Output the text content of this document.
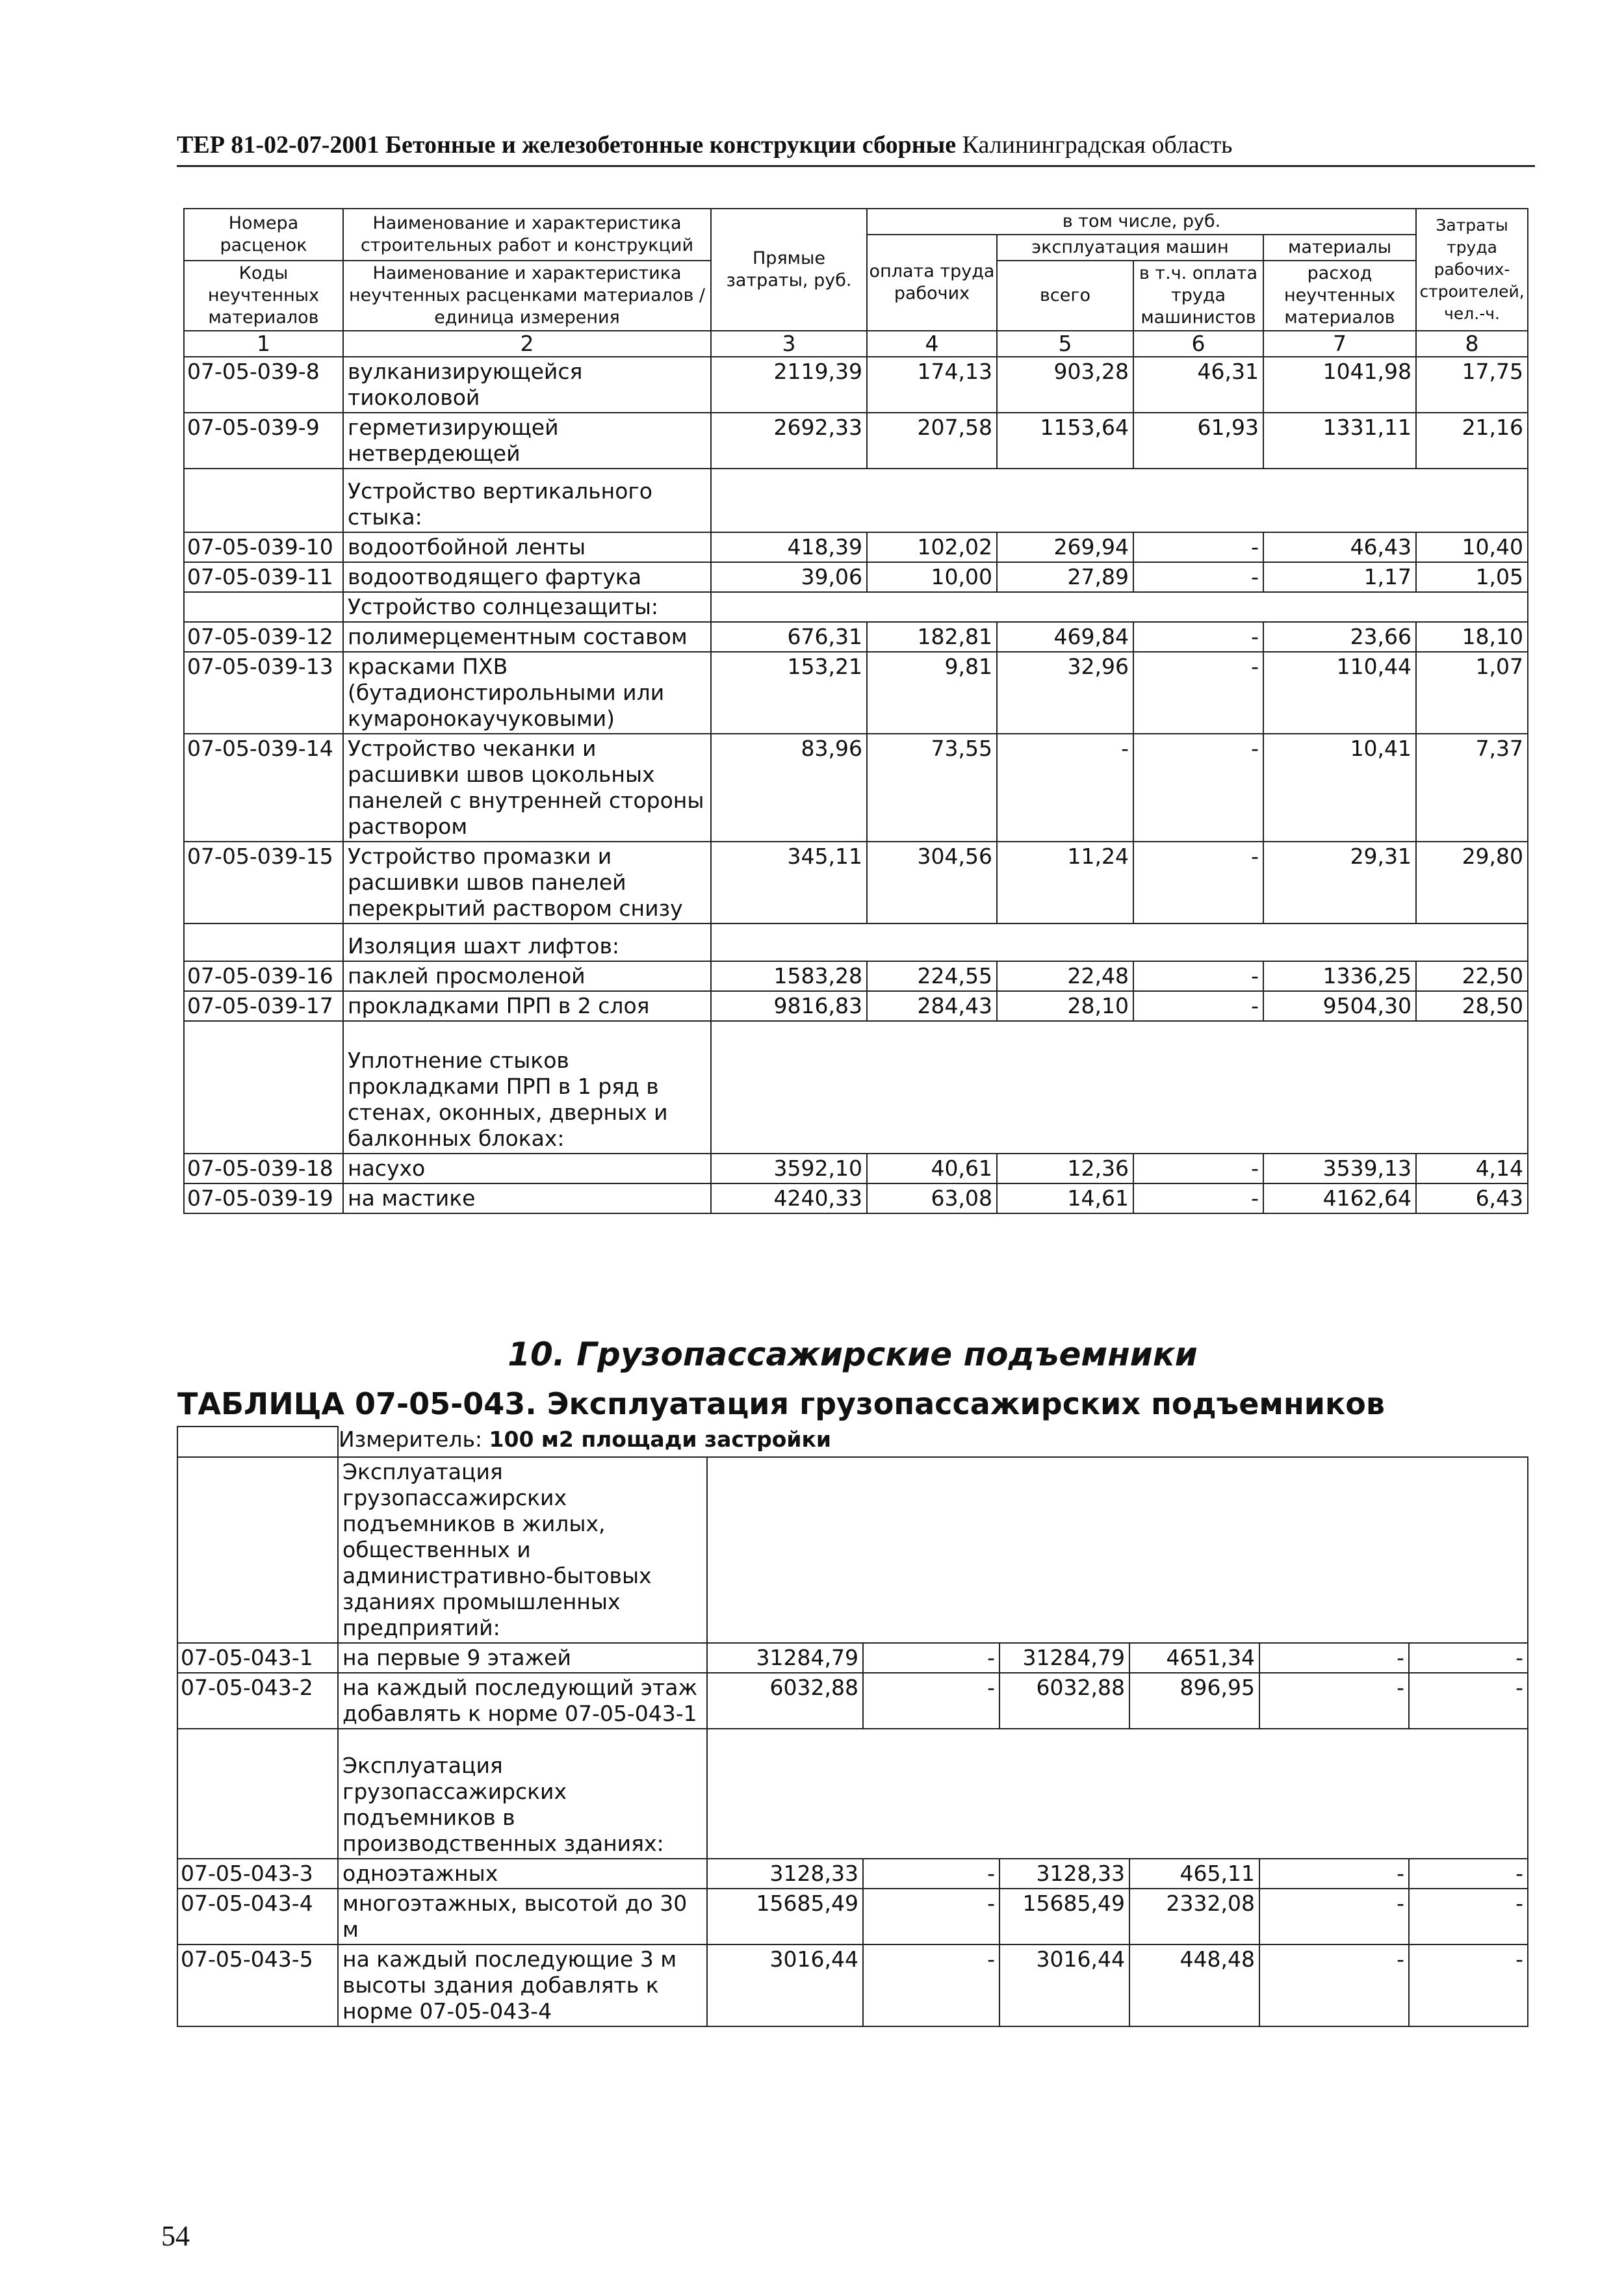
ТЕР 81-02-07-2001 Бетонные и железобетонные конструкции сборные Калининградская область
Номера расценок	Наименование и характеристика строительных работ и конструкций	Прямые затраты, руб.	в том числе, руб.				Затраты труда рабочих-строителей, чел.-ч.
			оплата труда рабочих	эксплуатация машин		материалы	
Коды неучтенных материалов	Наименование и характеристика неучтенных расценками материалов / единица измерения			всего	в т.ч. оплата труда машинистов	расход неучтенных материалов	

1	2	3	4	5	6	7	8
07-05-039-8	вулканизирующейся тиоколовой	2119,39	174,13	903,28	46,31	1041,98	17,75
07-05-039-9	герметизирующей нетвердеющей	2692,33	207,58	1153,64	61,93	1331,11	21,16
	Устройство вертикального стыка:						
07-05-039-10	водоотбойной ленты	418,39	102,02	269,94	-	46,43	10,40
07-05-039-11	водоотводящего фартука	39,06	10,00	27,89	-	1,17	1,05
	Устройство солнцезащиты:						
07-05-039-12	полимерцементным составом	676,31	182,81	469,84	-	23,66	18,10
07-05-039-13	красками ПХВ (бутадионстирольными или кумаронокаучуковыми)	153,21	9,81	32,96	-	110,44	1,07
07-05-039-14	Устройство чеканки и расшивки швов цокольных панелей с внутренней стороны раствором	83,96	73,55	-	-	10,41	7,37
07-05-039-15	Устройство промазки и расшивки швов панелей перекрытий раствором снизу	345,11	304,56	11,24	-	29,31	29,80
	Изоляция шахт лифтов:						
07-05-039-16	паклей просмоленой	1583,28	224,55	22,48	-	1336,25	22,50
07-05-039-17	прокладками ПРП в 2 слоя	9816,83	284,43	28,10	-	9504,30	28,50
	Уплотнение стыков прокладками ПРП в 1 ряд в стенах, оконных, дверных и балконных блоках:						
07-05-039-18	насухо	3592,10	40,61	12,36	-	3539,13	4,14
07-05-039-19	на мастике	4240,33	63,08	14,61	-	4162,64	6,43
10. Грузопассажирские подъемники							
ТАБЛИЦА 07-05-043. Эксплуатация грузопассажирских подъемников							
	Измеритель: 100 м2 площади застройки						
	Эксплуатация грузопассажирских подъемников в жилых, общественных и административно-бытовых зданиях промышленных предприятий:						
07-05-043-1	на первые 9 этажей	31284,79	-	31284,79	4651,34	-	-
07-05-043-2	на каждый последующий этаж добавлять к норме 07-05-043-1	6032,88	-	6032,88	896,95	-	-
	Эксплуатация грузопассажирских подъемников в производственных зданиях:						
07-05-043-3	одноэтажных	3128,33	-	3128,33	465,11	-	-
07-05-043-4	многоэтажных, высотой до 30 м	15685,49	-	15685,49	2332,08	-	-
07-05-043-5	на каждый последующие 3 м высоты здания добавлять к норме 07-05-043-4	3016,44	-	3016,44	448,48	-	-
54
